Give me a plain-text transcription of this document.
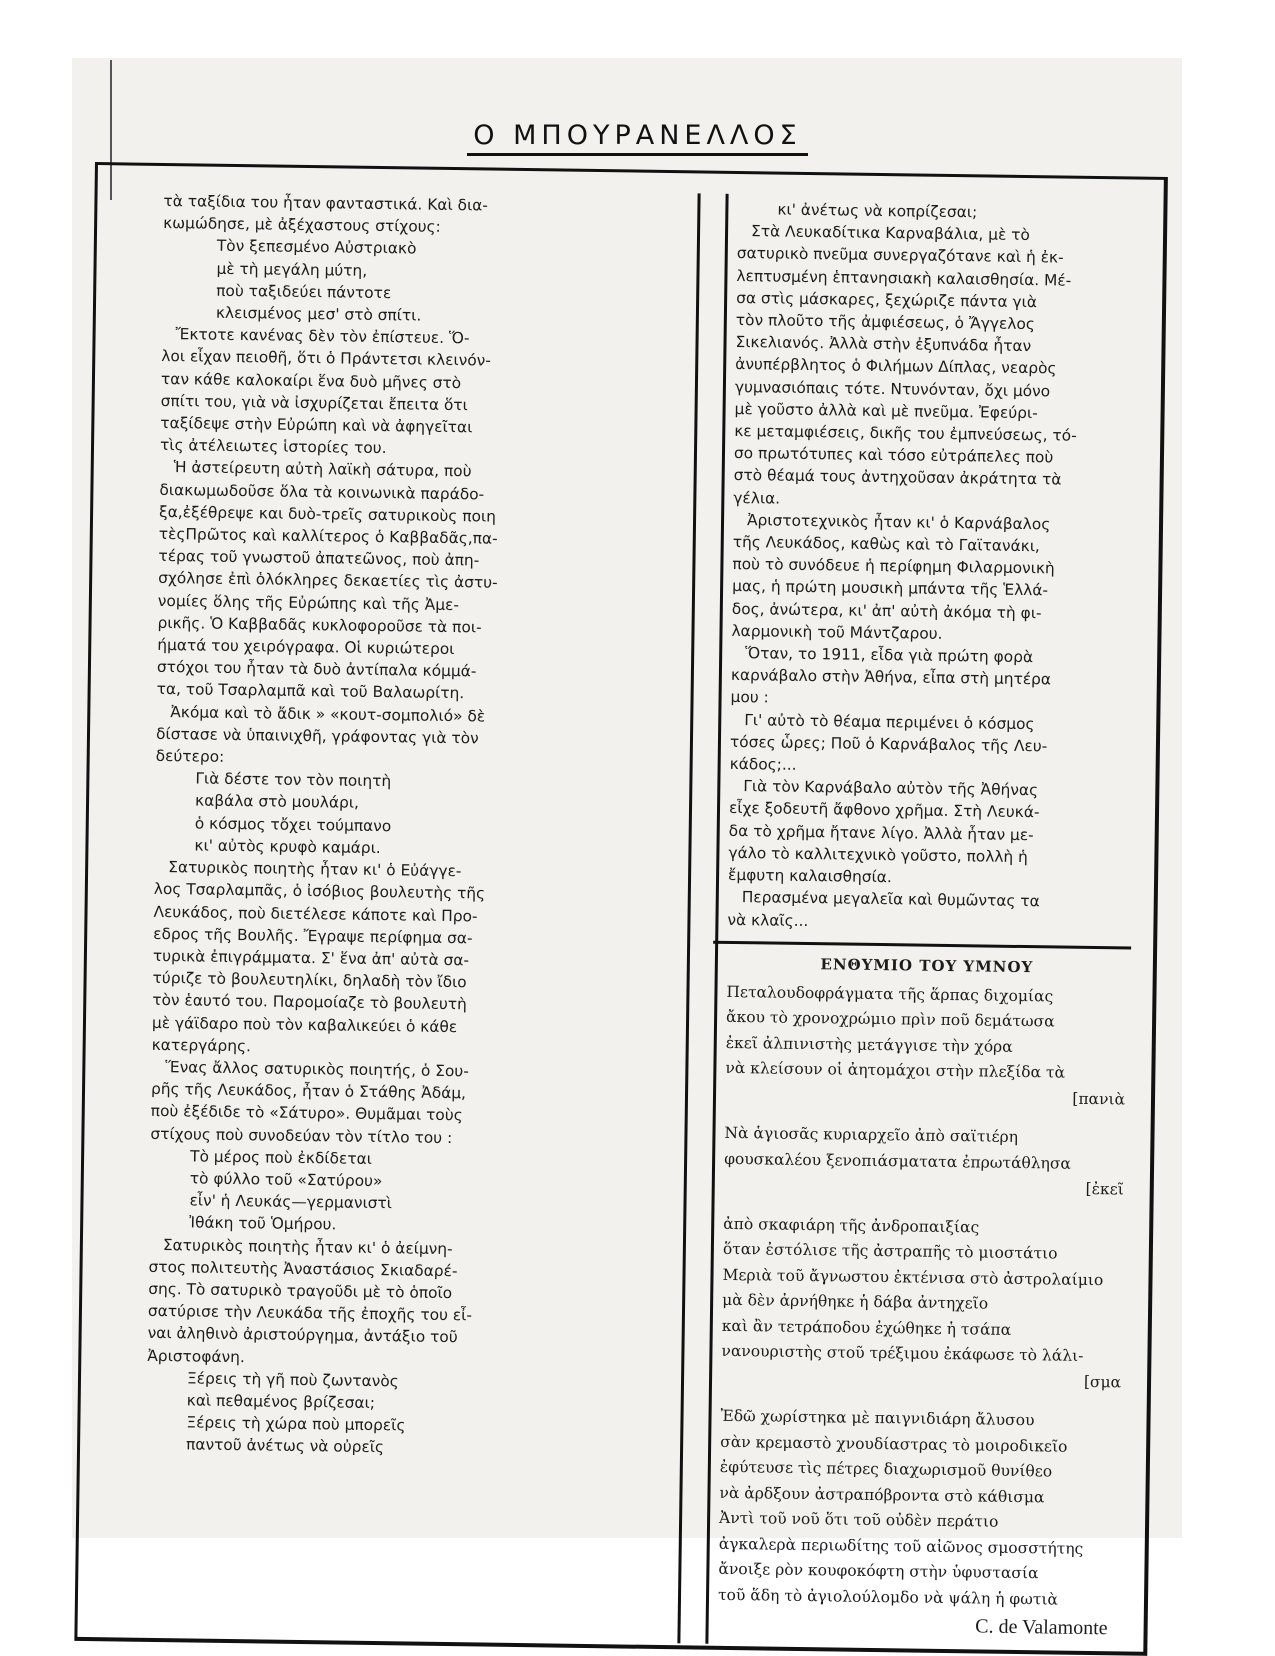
Ο ΜΠΟΥΡΑΝΕΛΛΟΣ

τὰ ταξίδια του ἦταν φανταστικά. Καὶ δια-

κωμώδησε, μὲ ἀξέχαστους στίχους:

Τὸν ξεπεσμένο Αὐστριακὸ

μὲ τὴ μεγάλη μύτη,

ποὺ ταξιδεύει πάντοτε

κλεισμένος μεσ' στὸ σπίτι.

Ἔκτοτε κανένας δὲν τὸν ἐπίστευε. Ὅ-

λοι εἶχαν πειοθῆ, ὅτι ὁ Πράντετσι κλεινόν-

ταν κάθε καλοκαίρι ἕνα δυὸ μῆνες στὸ

σπίτι του, γιὰ νὰ ἰσχυρίζεται ἔπειτα ὅτι

ταξίδεψε στὴν Εὐρώπη καὶ νὰ ἀφηγεῖται

τὶς ἀτέλειωτες ἱστορίες του.

Ἡ ἀστείρευτη αὐτὴ λαϊκὴ σάτυρα, ποὺ

διακωμωδοῦσε ὅλα τὰ κοινωνικὰ παράδο-

ξα,ἐξέθρεψε και δυὸ-τρεῖς σατυρικοὺς ποιη

τὲςΠρῶτος καὶ καλλίτερος ὁ Καββαδᾶς,πα-

τέρας τοῦ γνωστοῦ ἀπατεῶνος, ποὺ ἀπη-

σχόλησε ἐπὶ ὁλόκληρες δεκαετίες τὶς ἀστυ-

νομίες ὅλης τῆς Εὐρώπης καὶ τῆς Ἀμε-

ρικῆς. Ὁ Καββαδᾶς κυκλοφοροῦσε τὰ ποι-

ήματά του χειρόγραφα. Οἱ κυριώτεροι

στόχοι του ἦταν τὰ δυὸ ἀντίπαλα κόμμά-

τα, τοῦ Τσαρλαμπᾶ καὶ τοῦ Βαλαωρίτη.

Ἀκόμα καὶ τὸ ἄδικ » «κουτ-σομπολιό» δὲ

δίστασε νὰ ὑπαινιχθῆ, γράφοντας γιὰ τὸν

δεύτερο:

Γιὰ δέστε τον τὸν ποιητὴ

καβάλα στὸ μουλάρι,

ὁ κόσμος τὄχει τούμπανο

κι' αὐτὸς κρυφὸ καμάρι.

Σατυρικὸς ποιητὴς ἦταν κι' ὁ Εὐάγγε-

λος Τσαρλαμπᾶς, ὁ ἰσόβιος βουλευτὴς τῆς

Λευκάδος, ποὺ διετέλεσε κάποτε καὶ Προ-

εδρος τῆς Βουλῆς. Ἔγραψε περίφημα σα-

τυρικὰ ἐπιγράμματα. Σ' ἕνα ἀπ' αὐτὰ σα-

τύριζε τὸ βουλευτηλίκι, δηλαδὴ τὸν ἴδιο

τὸν ἑαυτό του. Παρομοίαζε τὸ βουλευτὴ

μὲ γάϊδαρο ποὺ τὸν καβαλικεύει ὁ κάθε

κατεργάρης.

Ἕνας ἄλλος σατυρικὸς ποιητής, ὁ Σου-

ρῆς τῆς Λευκάδος, ἦταν ὁ Στάθης Ἀδάμ,

ποὺ ἐξέδιδε τὸ «Σάτυρο». Θυμᾶμαι τοὺς

στίχους ποὺ συνοδεύαν τὸν τίτλο του :

Τὸ μέρος ποὺ ἐκδίδεται

τὸ φύλλο τοῦ «Σατύρου»

εἶν' ἡ Λευκάς—γερμανιστὶ

Ἰθάκη τοῦ Ὁμήρου.

Σατυρικὸς ποιητὴς ἦταν κι' ὁ ἀείμνη-

στος πολιτευτὴς Ἀναστάσιος Σκιαδαρέ-

σης. Τὸ σατυρικὸ τραγοῦδι μὲ τὸ ὁποῖο

σατύρισε τὴν Λευκάδα τῆς ἐποχῆς του εἶ-

ναι ἀληθινὸ ἀριστούργημα, ἀντάξιο τοῦ

Ἀριστοφάνη.

Ξέρεις τὴ γῆ ποὺ ζωντανὸς

καὶ πεθαμένος βρίζεσαι;

Ξέρεις τὴ χώρα ποὺ μπορεῖς

παντοῦ ἀνέτως νὰ οὐρεῖς

κι' ἀνέτως νὰ κοπρίζεσαι;

Στὰ Λευκαδίτικα Καρναβάλια, μὲ τὸ

σατυρικὸ πνεῦμα συνεργαζότανε καὶ ἡ ἐκ-

λεπτυσμένη ἑπτανησιακὴ καλαισθησία. Μέ-

σα στὶς μάσκαρες, ξεχώριζε πάντα γιὰ

τὸν πλοῦτο τῆς ἀμφιέσεως, ὁ Ἄγγελος

Σικελιανός. Ἀλλὰ στὴν ἐξυπνάδα ἦταν

ἀνυπέρβλητος ὁ Φιλήμων Δίπλας, νεαρὸς

γυμνασιόπαις τότε. Ντυνόνταν, ὄχι μόνο

μὲ γοῦστο ἀλλὰ καὶ μὲ πνεῦμα. Ἐφεύρι-

κε μεταμφιέσεις, δικῆς του ἐμπνεύσεως, τό-

σο πρωτότυπες καὶ τόσο εὐτράπελες ποὺ

στὸ θέαμά τους ἀντηχοῦσαν ἀκράτητα τὰ

γέλια.

Ἀριστοτεχνικὸς ἦταν κι' ὁ Καρνάβαλος

τῆς Λευκάδος, καθὼς καὶ τὸ Γαϊτανάκι,

ποὺ τὸ συνόδευε ἡ περίφημη Φιλαρμονικὴ

μας, ἡ πρώτη μουσικὴ μπάντα τῆς Ἑλλά-

δος, ἀνώτερα, κι' ἀπ' αὐτὴ ἀκόμα τὴ φι-

λαρμονικὴ τοῦ Μάντζαρου.

Ὅταν, το 1911, εἶδα γιὰ πρώτη φορὰ

καρνάβαλο στὴν Ἀθήνα, εἶπα στὴ μητέρα

μου :

Γι' αὐτὸ τὸ θέαμα περιμένει ὁ κόσμος

τόσες ὧρες; Ποῦ ὁ Καρνάβαλος τῆς Λευ-

κάδος;...

Γιὰ τὸν Καρνάβαλο αὐτὸν τῆς Ἀθήνας

εἶχε ξοδευτῆ ἄφθονο χρῆμα. Στὴ Λευκά-

δα τὸ χρῆμα ἤτανε λίγο. Ἀλλὰ ἦταν με-

γάλο τὸ καλλιτεχνικὸ γοῦστο, πολλὴ ἡ

ἔμφυτη καλαισθησία.

Περασμένα μεγαλεῖα καὶ θυμῶντας τα

νὰ κλαῖς...

ΕΝΘΥΜΙΟ ΤΟΥ ΥΜΝΟΥ

Πεταλουδοφράγματα τῆς ἅρπας διχομίας

ἄκου τὸ χρονοχρώμιο πρὶν ποῦ δεμάτωσα

ἐκεῖ ἀλπινιστὴς μετάγγισε τὴν χόρα

νὰ κλείσουν οἱ ἀητομάχοι στὴν πλεξίδα τὰ

[πανιὰ

Νὰ ἁγιοσᾶς κυριαρχεῖο ἀπὸ σαϊτιέρη

φουσκαλέου ξενοπιάσματατα ἐπρωτάθλησα

[ἐκεῖ

ἀπὸ σκαφιάρη τῆς ἀνδροπαιξίας

ὅταν ἐστόλισε τῆς ἀστραπῆς τὸ μιοστάτιο

Μεριὰ τοῦ ἄγνωστου ἐκτένισα στὸ ἀστρολαίμιο

μὰ δὲν ἀρνήθηκε ἡ δάβα ἀντηχεῖο

καὶ ἂν τετράποδου ἐχώθηκε ἡ τσάπα

νανουριστὴς στοῦ τρέξιμου ἐκάφωσε τὸ λάλι-

[σμα

Ἐδῶ χωρίστηκα μὲ παιγνιδιάρη ἄλυσου

σὰν κρεμαστὸ χνουδίαστρας τὸ μοιροδικεῖο

ἐφύτευσε τὶς πέτρες διαχωρισμοῦ θυνίθεο

νὰ ἀρδξουν ἀστραπόβροντα στὸ κάθισμα

Ἀντὶ τοῦ νοῦ ὅτι τοῦ οὐδὲν περάτιο

ἀγκαλερὰ περιωδίτης τοῦ αἰῶνος σμοσστήτης

ἄνοιξε ρὸν κουφοκόφτη στὴν ὑφυστασία

τοῦ ἅδη τὸ ἀγιολούλομδο νὰ ψάλη ἡ φωτιὰ

C. de Valamonte
